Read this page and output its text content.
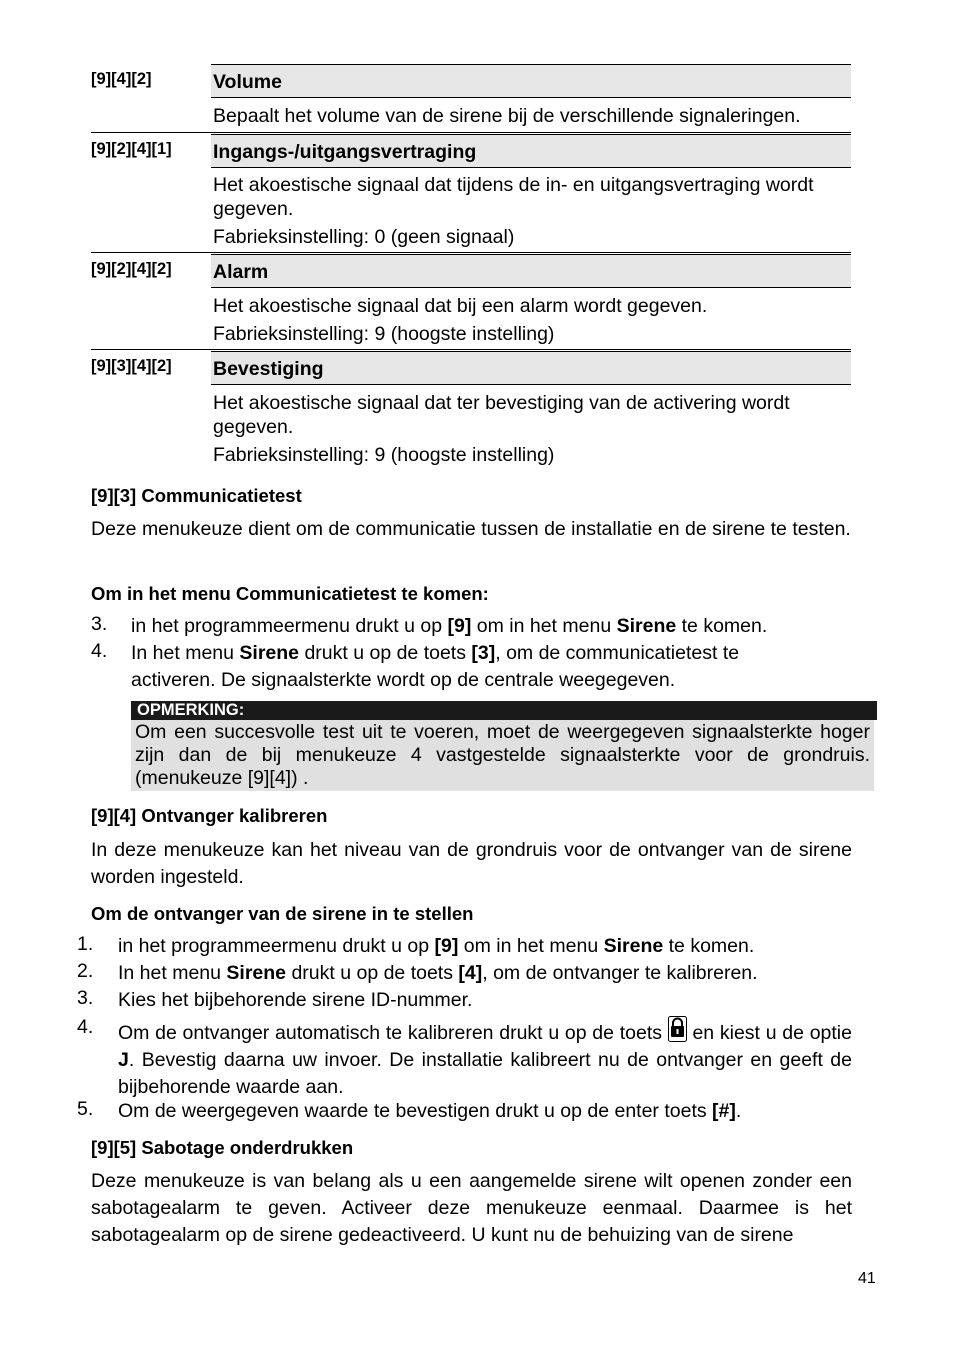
[9][4][2]	Volume
Bepaalt het volume van de sirene bij de verschillende signaleringen.
[9][2][4][1] Ingangs-/uitgangsvertraging
Het akoestische signaal dat tijdens de in- en uitgangsvertraging wordt gegeven.
Fabrieksinstelling: 0 (geen signaal)
[9][2][4][2] Alarm
Het akoestische signaal dat bij een alarm wordt gegeven.
Fabrieksinstelling: 9 (hoogste instelling)
[9][3][4][2] Bevestiging
Het akoestische signaal dat ter bevestiging van de activering wordt gegeven.
Fabrieksinstelling: 9 (hoogste instelling)
[9][3] Communicatietest
Deze menukeuze dient om de communicatie tussen de installatie en de sirene te testen.
Om in het menu Communicatietest te komen:
3. in het programmeermenu drukt u op [9] om in het menu Sirene te komen.
4. In het menu Sirene drukt u op de toets [3], om de communicatietest te activeren. De signaalsterkte wordt op de centrale weegegeven.
OPMERKING:
Om een succesvolle test uit te voeren, moet de weergegeven signaalsterkte hoger zijn dan de bij menukeuze 4 vastgestelde signaalsterkte voor de grondruis. (menukeuze [9][4]) .
[9][4] Ontvanger kalibreren
In deze menukeuze kan het niveau van de grondruis voor de ontvanger van de sirene worden ingesteld.
Om de ontvanger van de sirene in te stellen
1. in het programmeermenu drukt u op [9] om in het menu Sirene te komen.
2. In het menu Sirene drukt u op de toets [4], om de ontvanger te kalibreren.
3. Kies het bijbehorende sirene ID-nummer.
4. Om de ontvanger automatisch te kalibreren drukt u op de toets  en kiest u de optie J. Bevestig daarna uw invoer. De installatie kalibreert nu de ontvanger en geeft de bijbehorende waarde aan.
5. Om de weergegeven waarde te bevestigen drukt u op de enter toets [#].
[9][5] Sabotage onderdrukken
Deze menukeuze is van belang als u een aangemelde sirene wilt openen zonder een sabotagealarm te geven. Activeer deze menukeuze eenmaal. Daarmee is het sabotagealarm op de sirene gedeactiveerd. U kunt nu de behuizing van de sirene
41
